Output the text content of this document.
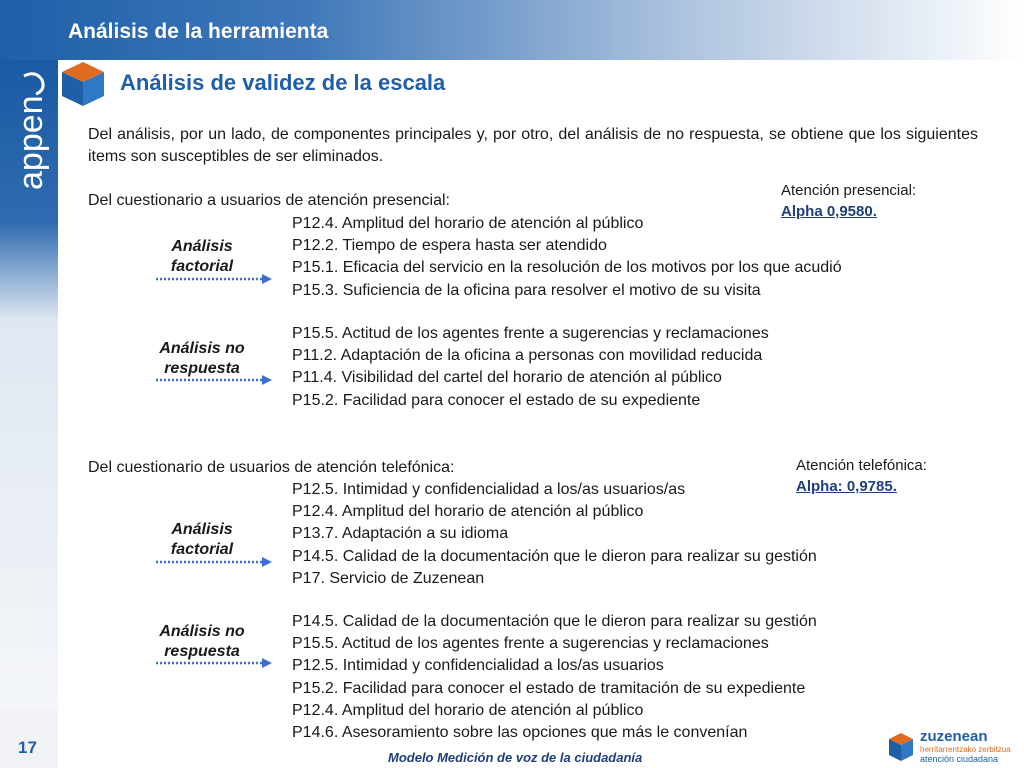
Análisis de la herramienta
appen
17
Análisis de validez de la escala
Del análisis, por un lado, de componentes principales y, por otro, del análisis de no respuesta, se obtiene que los siguientes items son susceptibles de ser eliminados.
Del cuestionario a usuarios de atención presencial:
Atención presencial:
Alpha 0,9580.
Análisis
factorial
P12.4. Amplitud del horario de atención al público
P12.2. Tiempo de espera hasta ser atendido
P15.1. Eficacia del servicio en la resolución de los motivos por los que acudió
P15.3. Suficiencia de la oficina para resolver el motivo de su visita
Análisis no
respuesta
P15.5. Actitud de los agentes frente a sugerencias y reclamaciones
P11.2. Adaptación de la oficina a personas con movilidad reducida
P11.4. Visibilidad del cartel del horario de atención al público
P15.2. Facilidad para conocer el estado de su expediente
Del cuestionario de usuarios de atención telefónica:	Atención telefónica:
Alpha: 0,9785.
Análisis
factorial
P12.5. Intimidad y confidencialidad a los/as usuarios/as
P12.4. Amplitud del horario de atención al público
P13.7. Adaptación a su idioma
P14.5. Calidad de la documentación que le dieron para realizar su gestión
P17. Servicio de Zuzenean
Análisis no
respuesta
P14.5. Calidad de la documentación que le dieron para realizar su gestión
P15.5. Actitud de los agentes frente a sugerencias y reclamaciones
P12.5. Intimidad y confidencialidad a los/as usuarios
P15.2. Facilidad para conocer el estado de tramitación de su expediente
P12.4. Amplitud del horario de atención al público
P14.6. Asesoramiento sobre las opciones que más le convenían
Modelo Medición de voz de la ciudadanía
zuzenean
herritarrentzako zerbitzua
atención ciudadana
